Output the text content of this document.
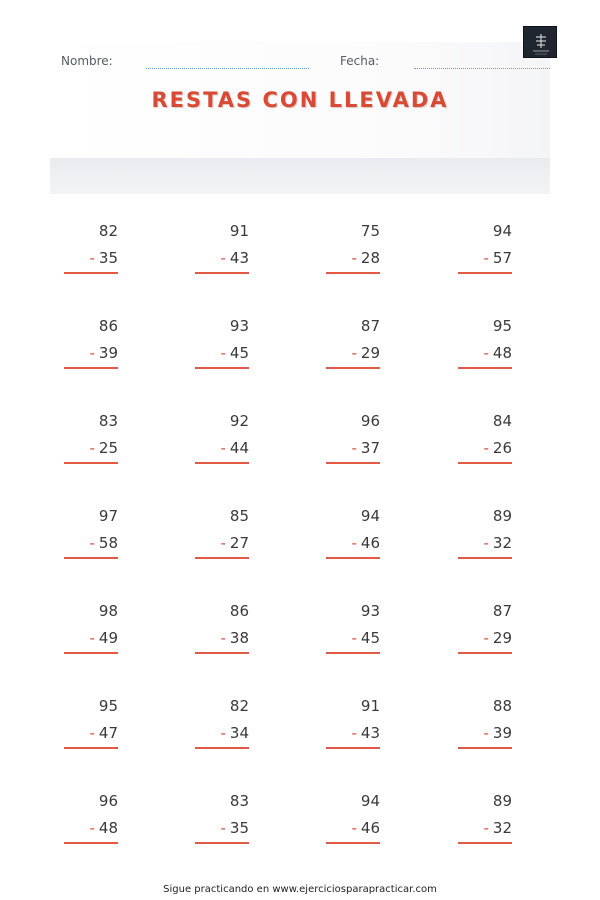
Nombre:	Fecha:
RESTAS CON LLEVADA
82
- 35
91
- 43
75
- 28
94
- 57
86
- 39
93
- 45
87
- 29
95
- 48
83
- 25
92
- 44
96
- 37
84
- 26
97
- 58
85
- 27
94
- 46
89
- 32
98
- 49
86
- 38
93
- 45
87
- 29
95
- 47
82
- 34
91
- 43
88
- 39
96
- 48
83
- 35
94
- 46
89
- 32
Sigue practicando en www.ejerciciosparapracticar.com
